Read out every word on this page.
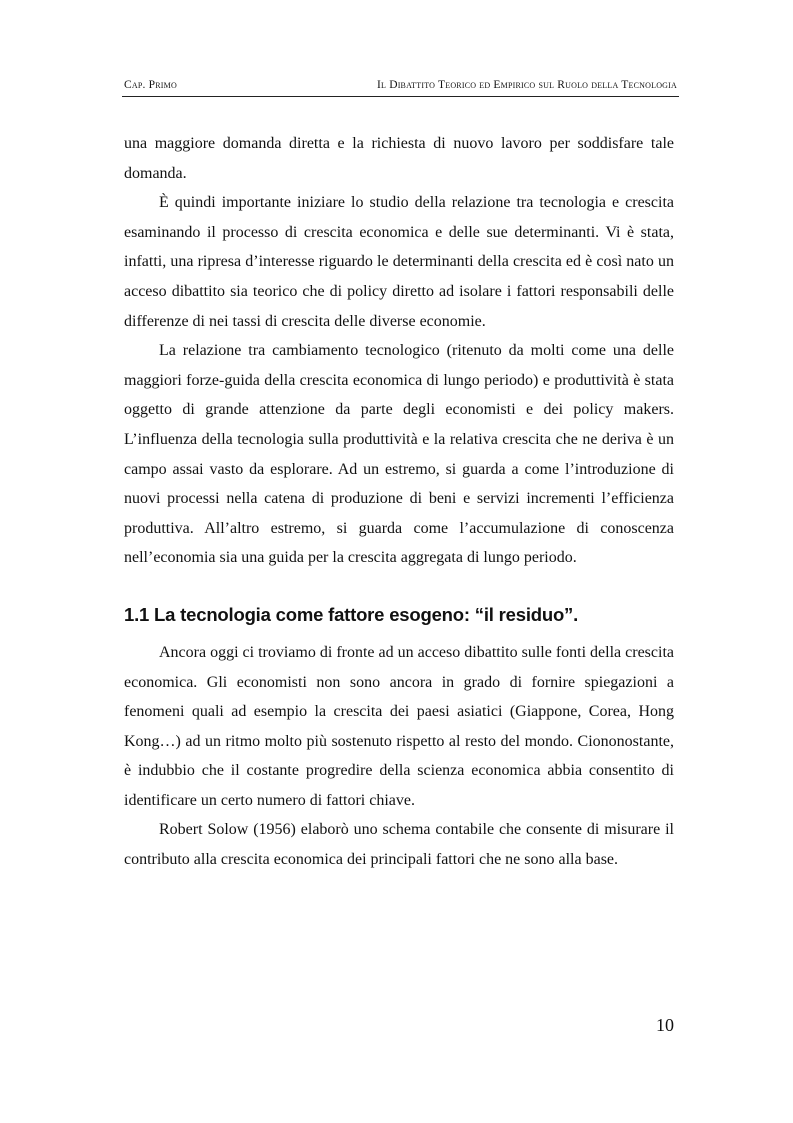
Cap. Primo	Il Dibattito Teorico ed Empirico sul Ruolo della Tecnologia

una maggiore domanda diretta e la richiesta di nuovo lavoro per soddisfare tale domanda.

È quindi importante iniziare lo studio della relazione tra tecnologia e crescita esaminando il processo di crescita economica e delle sue determinanti. Vi è stata, infatti, una ripresa d’interesse riguardo le determinanti della crescita ed è così nato un acceso dibattito sia teorico che di policy diretto ad isolare i fattori responsabili delle differenze di nei tassi di crescita delle diverse economie.

La relazione tra cambiamento tecnologico (ritenuto da molti come una delle maggiori forze-guida della crescita economica di lungo periodo) e produttività è stata oggetto di grande attenzione da parte degli economisti e dei policy makers. L’influenza della tecnologia sulla produttività e la relativa crescita che ne deriva è un campo assai vasto da esplorare. Ad un estremo, si guarda a come l’introduzione di nuovi processi nella catena di produzione di beni e servizi incrementi l’efficienza produttiva. All’altro estremo, si guarda come l’accumulazione di conoscenza nell’economia sia una guida per la crescita aggregata di lungo periodo.

1.1 La tecnologia come fattore esogeno: “il residuo”.

Ancora oggi ci troviamo di fronte ad un acceso dibattito sulle fonti della crescita economica. Gli economisti non sono ancora in grado di fornire spiegazioni a fenomeni quali ad esempio la crescita dei paesi asiatici (Giappone, Corea, Hong Kong…) ad un ritmo molto più sostenuto rispetto al resto del mondo. Ciononostante, è indubbio che il costante progredire della scienza economica abbia consentito di identificare un certo numero di fattori chiave.

Robert Solow (1956) elaborò uno schema contabile che consente di misurare il contributo alla crescita economica dei principali fattori che ne sono alla base.

10
